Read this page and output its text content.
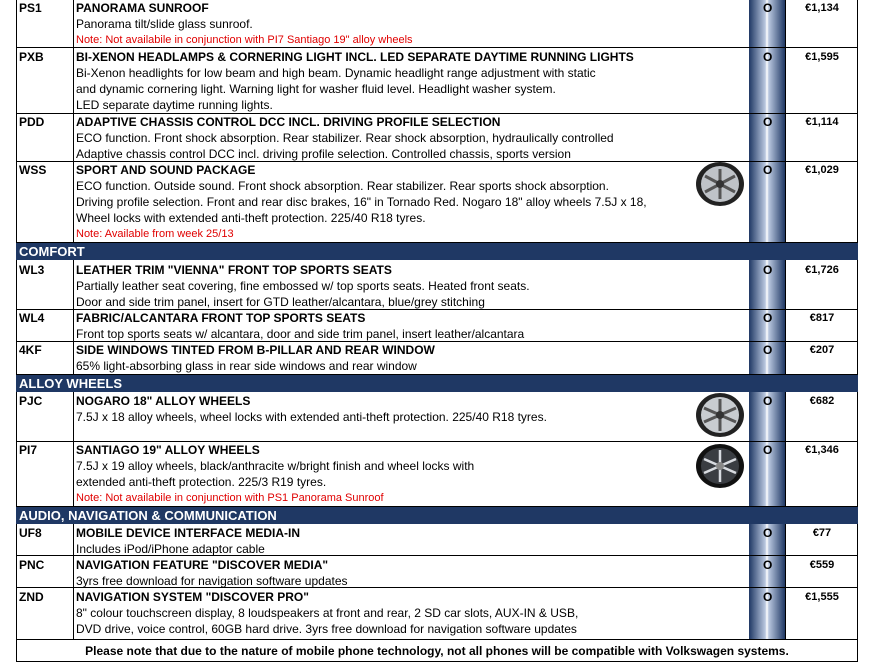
PS1	PANORAMA SUNROOF
Panorama tilt/slide glass sunroof.
Note: Not availabile in conjunction with PI7 Santiago 19" alloy wheels
O	€1,134
PXB	BI-XENON HEADLAMPS & CORNERING LIGHT INCL. LED SEPARATE DAYTIME RUNNING LIGHTS
Bi-Xenon headlights for low beam and high beam. Dynamic headlight range adjustment with static
and dynamic cornering light. Warning light for washer fluid level. Headlight washer system.
LED separate daytime running lights.
O	€1,595
PDD	ADAPTIVE CHASSIS CONTROL DCC INCL. DRIVING PROFILE SELECTION
ECO function. Front shock absorption. Rear stabilizer. Rear shock absorption, hydraulically controlled
Adaptive chassis control DCC incl. driving profile selection. Controlled chassis, sports version
O	€1,114
WSS SPORT AND SOUND PACKAGE
ECO function. Outside sound. Front shock absorption. Rear stabilizer. Rear sports shock absorption.
Driving profile selection. Front and rear disc brakes, 16" in Tornado Red. Nogaro 18" alloy wheels 7.5J x 18,
Wheel locks with extended anti-theft protection. 225/40 R18 tyres.
Note: Available from week 25/13
O	€1,029
COMFORT
WL3	LEATHER TRIM "VIENNA" FRONT TOP SPORTS SEATS
Partially leather seat covering, fine embossed w/ top sports seats. Heated front seats.
Door and side trim panel, insert for GTD leather/alcantara, blue/grey stitching
O	€1,726
WL4	FABRIC/ALCANTARA FRONT TOP SPORTS SEATS
Front top sports seats w/ alcantara, door and side trim panel, insert leather/alcantara
O	€817
4KF	SIDE WINDOWS TINTED FROM B-PILLAR AND REAR WINDOW
65% light-absorbing glass in rear side windows and rear window
O	€207
ALLOY WHEELS
PJC	NOGARO 18" ALLOY WHEELS
7.5J x 18 alloy wheels, wheel locks with extended anti-theft protection. 225/40 R18 tyres.
O	€682
PI7	SANTIAGO 19" ALLOY WHEELS
7.5J x 19 alloy wheels, black/anthracite w/bright finish and wheel locks with
extended anti-theft protection. 225/3 R19 tyres.
Note: Not availabile in conjunction with PS1 Panorama Sunroof
O	€1,346
AUDIO, NAVIGATION & COMMUNICATION
UF8	MOBILE DEVICE INTERFACE MEDIA-IN
Includes iPod/iPhone adaptor cable
O	€77
PNC	NAVIGATION FEATURE "DISCOVER MEDIA"
3yrs free download for navigation software updates
O	€559
ZND	NAVIGATION SYSTEM "DISCOVER PRO"
8" colour touchscreen display, 8 loudspeakers at front and rear, 2 SD car slots, AUX-IN & USB,
DVD drive, voice control, 60GB hard drive. 3yrs free download for navigation software updates
O	€1,555
Please note that due to the nature of mobile phone technology, not all phones will be compatible with Volkswagen systems.
